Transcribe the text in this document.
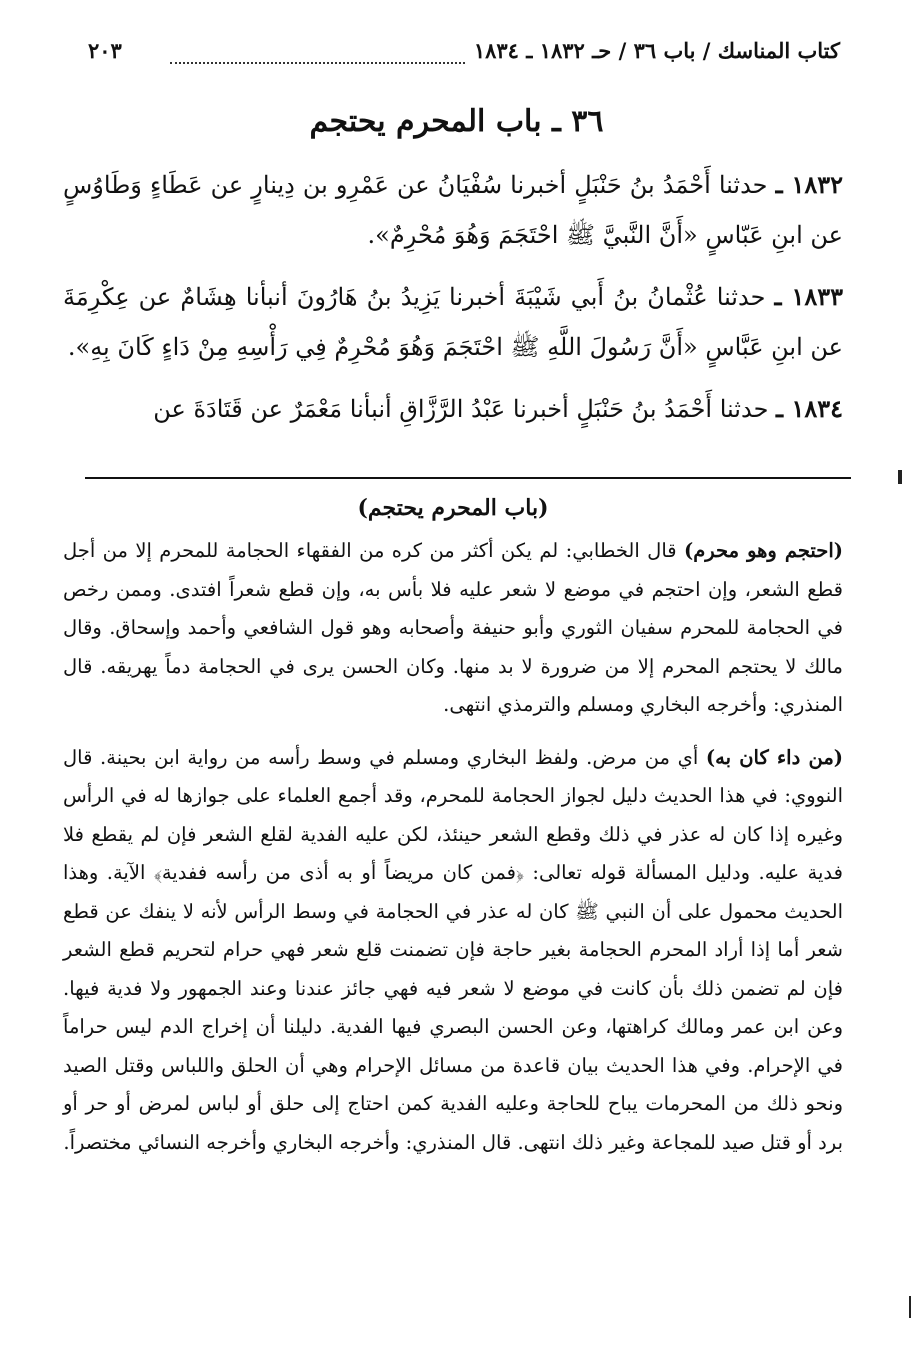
كتاب المناسك / باب ٣٦ / حـ ١٨٣٢ ـ ١٨٣٤
٢٠٣
٣٦ ـ باب المحرم يحتجم

١٨٣٢ ـ حدثنا أَحْمَدُ بنُ حَنْبَلٍ أخبرنا سُفْيَانُ عن عَمْرِو بن دِينارٍ عن عَطَاءٍ وَطَاوُسٍ عن ابنِ عَبّاسٍ «أَنَّ النَّبيَّ ﷺ احْتَجَمَ وَهُوَ مُحْرِمٌ».

١٨٣٣ ـ حدثنا عُثْمانُ بنُ أَبي شَيْبَةَ أخبرنا يَزِيدُ بنُ هَارُونَ أنبأنا هِشَامٌ عن عِكْرِمَةَ عن ابنِ عَبَّاسٍ «أَنَّ رَسُولَ اللَّهِ ﷺ احْتَجَمَ وَهُوَ مُحْرِمٌ فِي رَأْسِهِ مِنْ دَاءٍ كَانَ بِهِ».

١٨٣٤ ـ حدثنا أَحْمَدُ بنُ حَنْبَلٍ أخبرنا عَبْدُ الرَّزَّاقِ أنبأنا مَعْمَرٌ عن قَتَادَةَ عن

(باب المحرم يحتجم)

(احتجم وهو محرم) قال الخطابي: لم يكن أكثر من كره من الفقهاء الحجامة للمحرم إلا من أجل قطع الشعر، وإن احتجم في موضع لا شعر عليه فلا بأس به، وإن قطع شعراً افتدى. وممن رخص في الحجامة للمحرم سفيان الثوري وأبو حنيفة وأصحابه وهو قول الشافعي وأحمد وإسحاق. وقال مالك لا يحتجم المحرم إلا من ضرورة لا بد منها. وكان الحسن يرى في الحجامة دماً يهريقه. قال المنذري: وأخرجه البخاري ومسلم والترمذي انتهى.

(من داء كان به) أي من مرض. ولفظ البخاري ومسلم في وسط رأسه من رواية ابن بحينة. قال النووي: في هذا الحديث دليل لجواز الحجامة للمحرم، وقد أجمع العلماء على جوازها له في الرأس وغيره إذا كان له عذر في ذلك وقطع الشعر حينئذ، لكن عليه الفدية لقلع الشعر فإن لم يقطع فلا فدية عليه. ودليل المسألة قوله تعالى: ﴿فمن كان مريضاً أو به أذى من رأسه ففدية﴾ الآية. وهذا الحديث محمول على أن النبي ﷺ كان له عذر في الحجامة في وسط الرأس لأنه لا ينفك عن قطع شعر أما إذا أراد المحرم الحجامة بغير حاجة فإن تضمنت قلع شعر فهي حرام لتحريم قطع الشعر فإن لم تضمن ذلك بأن كانت في موضع لا شعر فيه فهي جائز عندنا وعند الجمهور ولا فدية فيها. وعن ابن عمر ومالك كراهتها، وعن الحسن البصري فيها الفدية. دليلنا أن إخراج الدم ليس حراماً في الإحرام. وفي هذا الحديث بيان قاعدة من مسائل الإحرام وهي أن الحلق واللباس وقتل الصيد ونحو ذلك من المحرمات يباح للحاجة وعليه الفدية كمن احتاج إلى حلق أو لباس لمرض أو حر أو برد أو قتل صيد للمجاعة وغير ذلك انتهى. قال المنذري: وأخرجه البخاري وأخرجه النسائي مختصراً.
